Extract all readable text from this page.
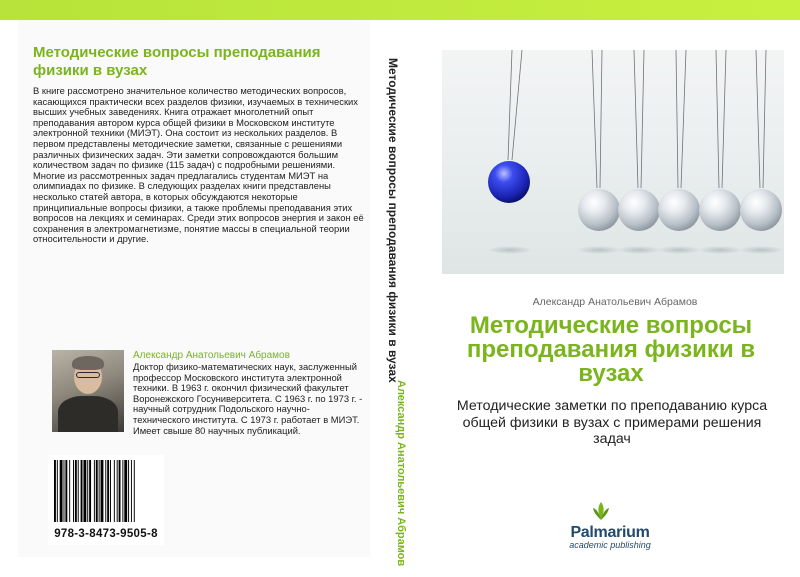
Методические вопросы преподавания физики в вузах
В книге рассмотрено значительное количество методических вопросов, касающихся практически всех разделов физики, изучаемых в технических высших учебных заведениях. Книга отражает многолетний опыт преподавания автором курса общей физики в Московском институте электронной техники (МИЭТ). Она состоит из нескольких разделов. В первом представлены методические заметки, связанные с решениями различных физических задач. Эти заметки сопровождаются большим количеством задач по физике (115 задач) с подробными решениями. Многие из рассмотренных задач предлагались студентам МИЭТ на олимпиадах по физике. В следующих разделах книги представлены несколько статей автора, в которых обсуждаются некоторые принципиальные вопросы физики, а также проблемы преподавания этих вопросов на лекциях и семинарах. Среди этих вопросов энергия и закон её сохранения в электромагнетизме, понятие массы в специальной теории относительности и другие.
Александр Анатольевич Абрамов
Доктор физико-математических наук, заслуженный профессор Московского института электронной техники. В 1963 г. окончил физический факультет Воронежского Госуниверситета. С 1963 г. по 1973 г. - научный сотрудник Подольского научно-технического института. С 1973 г. работает в МИЭТ. Имеет свыше 80 научных публикаций.
978-3-8473-9505-8
Методические вопросы преподавания физики в вузах
Александр Анатольевич Абрамов
Александр Анатольевич Абрамов
Методические вопросы преподавания физики в вузах
Методические заметки по преподаванию курса общей физики в вузах с примерами решения задач
Palmarium
academic publishing
